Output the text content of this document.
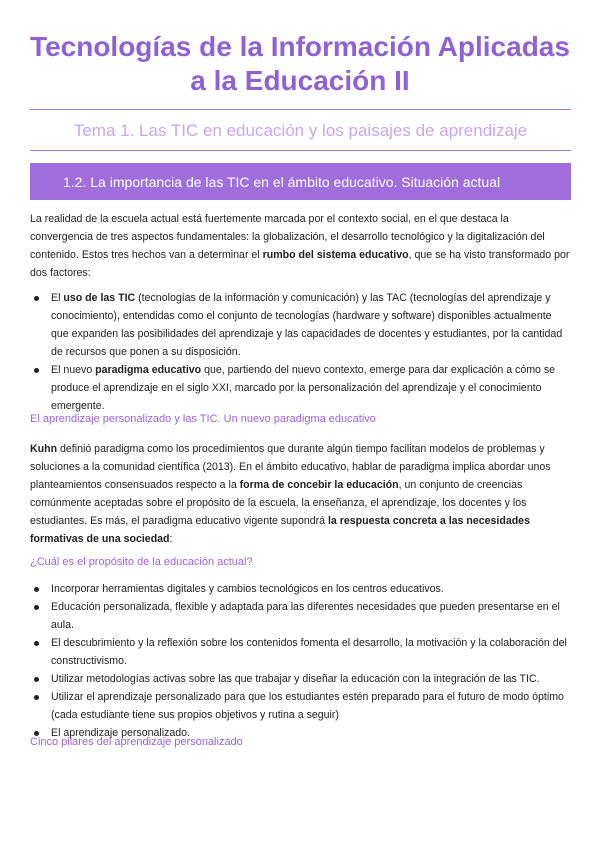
Tecnologías de la Información Aplicadas a la Educación II
Tema 1. Las TIC en educación y los paisajes de aprendizaje
1.2. La importancia de las TIC en el ámbito educativo. Situación actual
La realidad de la escuela actual está fuertemente marcada por el contexto social, en el que destaca la convergencia de tres aspectos fundamentales: la globalización, el desarrollo tecnológico y la digitalización del contenido. Estos tres hechos van a determinar el rumbo del sistema educativo, que se ha visto transformado por dos factores:
El uso de las TIC (tecnologías de la información y comunicación) y las TAC (tecnologías del aprendizaje y conocimiento), entendidas como el conjunto de tecnologías (hardware y software) disponibles actualmente que expanden las posibilidades del aprendizaje y las capacidades de docentes y estudiantes, por la cantidad de recursos que ponen a su disposición.
El nuevo paradigma educativo que, partiendo del nuevo contexto, emerge para dar explicación a cómo se produce el aprendizaje en el siglo XXI, marcado por la personalización del aprendizaje y el conocimiento emergente.
El aprendizaje personalizado y las TIC. Un nuevo paradigma educativo
Kuhn definió paradigma como los procedimientos que durante algún tiempo facilitan modelos de problemas y soluciones a la comunidad científica (2013). En el ámbito educativo, hablar de paradigma implica abordar unos planteamientos consensuados respecto a la forma de concebir la educación, un conjunto de creencias comúnmente aceptadas sobre el propósito de la escuela, la enseñanza, el aprendizaje, los docentes y los estudiantes. Es más, el paradigma educativo vigente supondrá la respuesta concreta a las necesidades formativas de una sociedad:
¿Cuál es el propósito de la educación actual?
Incorporar herramientas digitales y cambios tecnológicos en los centros educativos.
Educación personalizada, flexible y adaptada para las diferentes necesidades que pueden presentarse en el aula.
El descubrimiento y la reflexión sobre los contenidos fomenta el desarrollo, la motivación y la colaboración del constructivismo.
Utilizar metodologías activas sobre las que trabajar y diseñar la educación con la integración de las TIC.
Utilizar el aprendizaje personalizado para que los estudiantes estén preparado para el futuro de modo óptimo (cada estudiante tiene sus propios objetivos y rutina a seguir)
El aprendizaje personalizado.
Cinco pilares del aprendizaje personalizado
